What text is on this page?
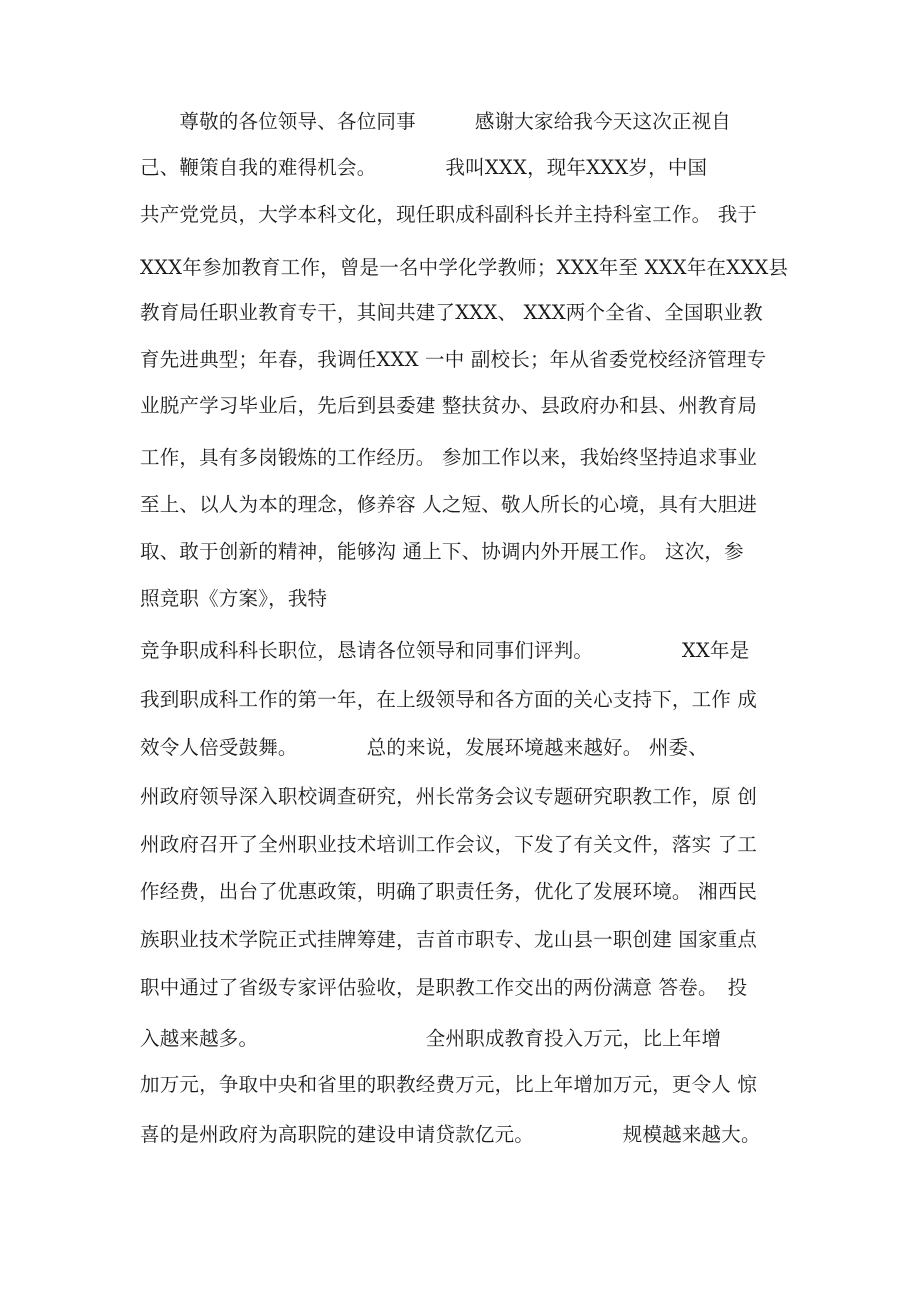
　　尊敬的各位领导、各位同事　　　感谢大家给我今天这次正视自
己、鞭策自我的难得机会。　　　　我叫XXX，现年XXX岁，中国
共产党党员，大学本科文化，现任职成科副科长并主持科室工作。 我于
XXX年参加教育工作，曾是一名中学化学教师；XXX年至 XXX年在XXX县
教育局任职业教育专干，其间共建了XXX、 XXX两个全省、全国职业教
育先进典型；年春，我调任XXX 一中 副校长；年从省委党校经济管理专
业脱产学习毕业后，先后到县委建 整扶贫办、县政府办和县、州教育局
工作，具有多岗锻炼的工作经历。 参加工作以来，我始终坚持追求事业
至上、以人为本的理念，修养容 人之短、敬人所长的心境，具有大胆进
取、敢于创新的精神，能够沟 通上下、协调内外开展工作。 这次，参
照竞职《方案》，我特
竞争职成科科长职位，恳请各位领导和同事们评判。　　　　　XX年是
我到职成科工作的第一年，在上级领导和各方面的关心支持下，工作 成
效令人倍受鼓舞。　　　　总的来说，发展环境越来越好。 州委、
州政府领导深入职校调查研究，州长常务会议专题研究职教工作，原 创
州政府召开了全州职业技术培训工作会议，下发了有关文件，落实 了工
作经费，出台了优惠政策，明确了职责任务，优化了发展环境。 湘西民
族职业技术学院正式挂牌筹建，吉首市职专、龙山县一职创建 国家重点
职中通过了省级专家评估验收，是职教工作交出的两份满意 答卷。　投
入越来越多。　　　　　　　　　全州职成教育投入万元，比上年增
加万元，争取中央和省里的职教经费万元，比上年增加万元，更令人 惊
喜的是州政府为高职院的建设申请贷款亿元。　　　　　规模越来越大。
